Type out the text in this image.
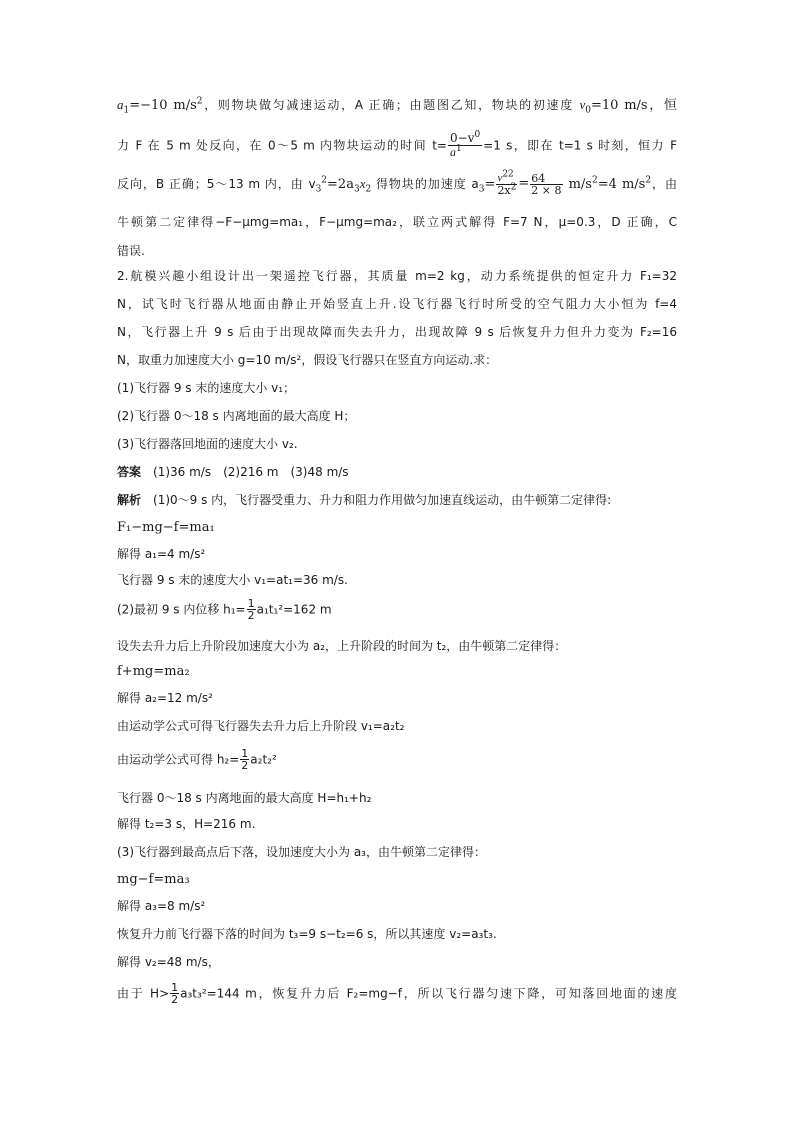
$a_1=-10$ $m/s^2$，则物块做匀减速运动，A 正确；由题图乙知，物块的初速度 $v_0=10$ m/s，恒
力 F 在 5 m 处反向，在 0～5 m 内物块运动的时间 $t= \frac{0-v^0}{a^1} =1$ s，即在 t=1 s 时刻，恒力 F
反向，B 正确；5～13 m 内，由 $v_3^2=2a_3x_2$ 得物块的加速度 $a_3= \frac{v^{22}}{2x^2} = \frac{64}{2 \times 8} m/s^2=4$ $m/s^2$，由
牛顿第二定律得−F−μmg=ma₁，F−μmg=ma₂，联立两式解得 F=7 N，μ=0.3，D 正确，C
错误.
2.航模兴趣小组设计出一架遥控飞行器，其质量 m=2 kg，动力系统提供的恒定升力 F₁=32
N，试飞时飞行器从地面由静止开始竖直上升.设飞行器飞行时所受的空气阻力大小恒为 f=4
N，飞行器上升 9 s 后由于出现故障而失去升力，出现故障 9 s 后恢复升力但升力变为 F₂=16
N，取重力加速度大小 g=10 m/s²，假设飞行器只在竖直方向运动.求：
(1)飞行器 9 s 末的速度大小 v₁；
(2)飞行器 0～18 s 内离地面的最大高度 H；
(3)飞行器落回地面的速度大小 v₂.
答案　(1)36 m/s　(2)216 m　(3)48 m/s
解析　(1)0～9 s 内，飞行器受重力、升力和阻力作用做匀加速直线运动，由牛顿第二定律得:
F₁−mg−f=ma₁
解得 a₁=4 m/s²
飞行器 9 s 末的速度大小 v₁=at₁=36 m/s.
(2)最初 9 s 内位移 $h_1= \frac{1}{2} a_1t_1^2=162$ m
设失去升力后上升阶段加速度大小为 a₂，上升阶段的时间为 t₂，由牛顿第二定律得：
f+mg=ma₂
解得 a₂=12 m/s²
由运动学公式可得飞行器失去升力后上升阶段 v₁=a₂t₂
由运动学公式可得 $h_2= \frac{1}{2} a_2t_2^2$
飞行器 0～18 s 内离地面的最大高度 H=h₁+h₂
解得 t₂=3 s，H=216 m.
(3)飞行器到最高点后下落，设加速度大小为 a₃，由牛顿第二定律得：
mg−f=ma₃
解得 a₃=8 m/s²
恢复升力前飞行器下落的时间为 t₃=9 s−t₂=6 s，所以其速度 v₂=a₃t₃.
解得 v₂=48 m/s，
由于 $H> \frac{1}{2} a_3t_3^2=144$ m，恢复升力后 F₂=mg−f，所以飞行器匀速下降，可知落回地面的速度
